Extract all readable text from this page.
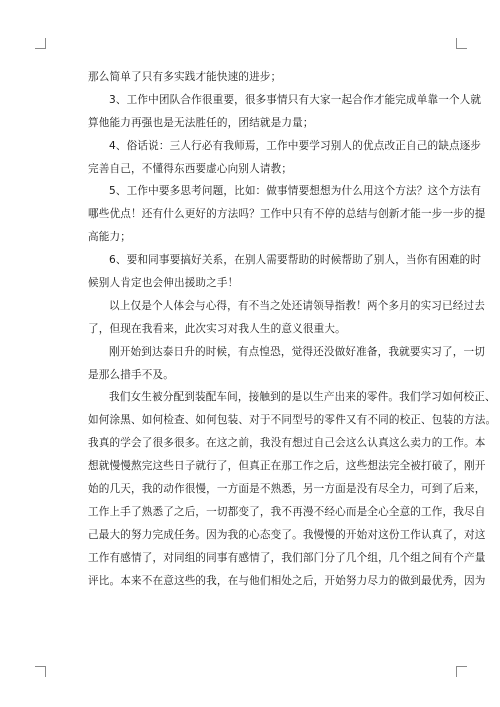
那么简单了只有多实践才能快速的进步；
3、工作中团队合作很重要，很多事情只有大家一起合作才能完成单靠一个人就
算他能力再强也是无法胜任的，团结就是力量；
4、俗话说：三人行必有我师焉，工作中要学习别人的优点改正自己的缺点逐步
完善自己，不懂得东西要虚心向别人请教；
5、工作中要多思考问题，比如：做事情要想想为什么用这个方法？这个方法有
哪些优点！还有什么更好的方法吗？工作中只有不停的总结与创新才能一步一步的提
高能力；
6、要和同事要搞好关系，在别人需要帮助的时候帮助了别人，当你有困难的时
候别人肯定也会伸出援助之手！
以上仅是个人体会与心得，有不当之处还请领导指教！两个多月的实习已经过去
了，但现在我看来，此次实习对我人生的意义很重大。
刚开始到达泰日升的时候，有点惶恐，觉得还没做好准备，我就要实习了，一切
是那么措手不及。
我们女生被分配到装配车间，接触到的是以生产出来的零件。我们学习如何校正、
如何涂黑、如何检查、如何包装、对于不同型号的零件又有不同的校正、包装的方法。
我真的学会了很多很多。在这之前，我没有想过自己会这么认真这么卖力的工作。本
想就慢慢熬完这些日子就行了，但真正在那工作之后，这些想法完全被打破了，刚开
始的几天，我的动作很慢，一方面是不熟悉，另一方面是没有尽全力，可到了后来，
工作上手了熟悉了之后，一切都变了，我不再漫不经心而是全心全意的工作，我尽自
己最大的努力完成任务。因为我的心态变了。我慢慢的开始对这份工作认真了，对这
工作有感情了，对同组的同事有感情了，我们部门分了几个组，几个组之间有个产量
评比。本来不在意这些的我，在与他们相处之后，开始努力尽力的做到最优秀，因为
